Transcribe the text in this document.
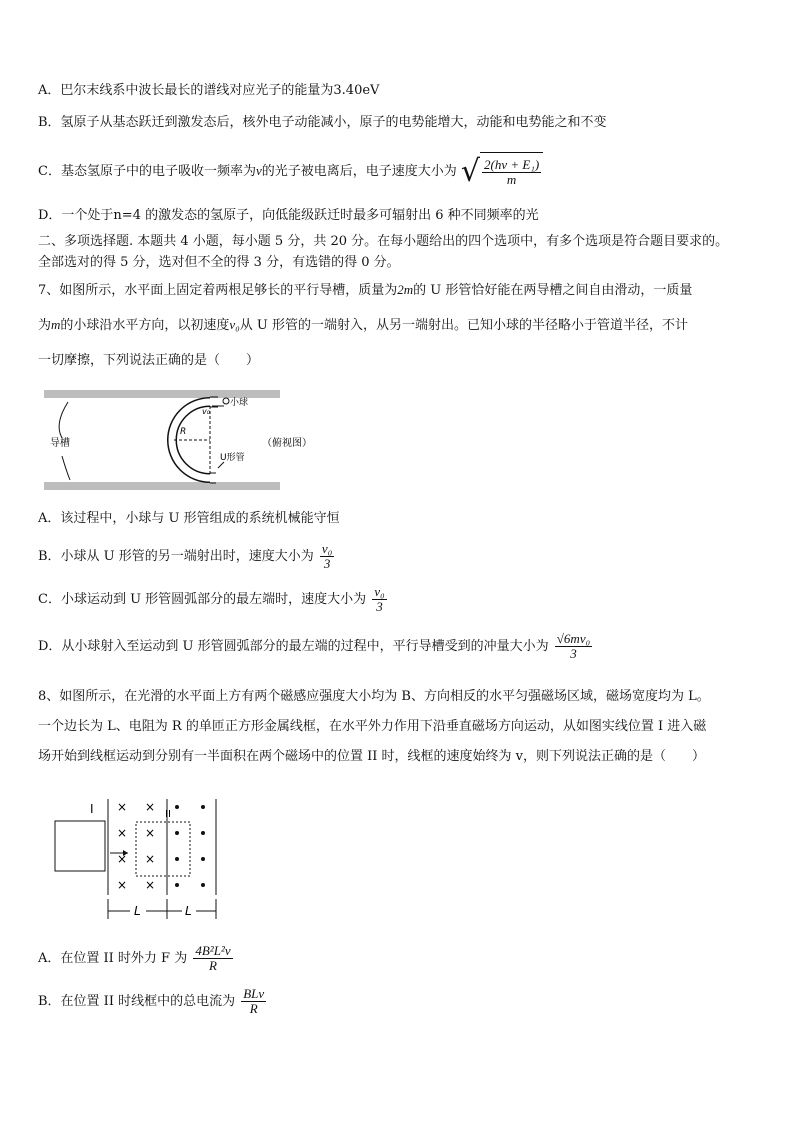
A．巴尔末线系中波长最长的谱线对应光子的能量为3.40eV
B．氢原子从基态跃迁到激发态后，核外电子动能减小，原子的电势能增大，动能和电势能之和不变
C．基态氢原子中的电子吸收一频率为ν的光子被电离后，电子速度大小为 √ $\frac{\text{2(hν + E₁)}}{m}$
D．一个处于n=4 的激发态的氢原子，向低能级跃迁时最多可辐射出 6 种不同频率的光
二、多项选择题. 本题共 4 小题，每小题 5 分，共 20 分。在每小题给出的四个选项中，有多个选项是符合题目要求的。
全部选对的得 5 分，选对但不全的得 3 分，有选错的得 0 分。
7、如图所示，水平面上固定着两根足够长的平行导槽，质量为2m的 U 形管恰好能在两导槽之间自由滑动，一质量
为m的小球沿水平方向，以初速度v₀从 U 形管的一端射入，从另一端射出。已知小球的半径略小于管道半径，不计
一切摩擦，下列说法正确的是（　　）
导槽
R
v₀
小球
U形管
（俯视图）
A．该过程中，小球与 U 形管组成的系统机械能守恒
B．小球从 U 形管的另一端射出时，速度大小为 $\frac{\text{v₀}}{3}$
C．小球运动到 U 形管圆弧部分的最左端时，速度大小为 $\frac{\text{v₀}}{3}$
D．从小球射入至运动到 U 形管圆弧部分的最左端的过程中，平行导槽受到的冲量大小为 $\frac{\text{√6mv₀}}{3}$
8、如图所示，在光滑的水平面上方有两个磁感应强度大小均为 B、方向相反的水平匀强磁场区域，磁场宽度均为 L。
一个边长为 L、电阻为 R 的单匝正方形金属线框，在水平外力作用下沿垂直磁场方向运动，从如图实线位置 I 进入磁
场开始到线框运动到分别有一半面积在两个磁场中的位置 II 时，线框的速度始终为 v，则下列说法正确的是（　　）
I	II
× ×
× ×
× ×
× ×
L	L
A．在位置 II 时外力 F 为 $\frac{\text{4B²L²v}}{R}$
B．在位置 II 时线框中的总电流为 $\frac{\text{BLv}}{R}$
